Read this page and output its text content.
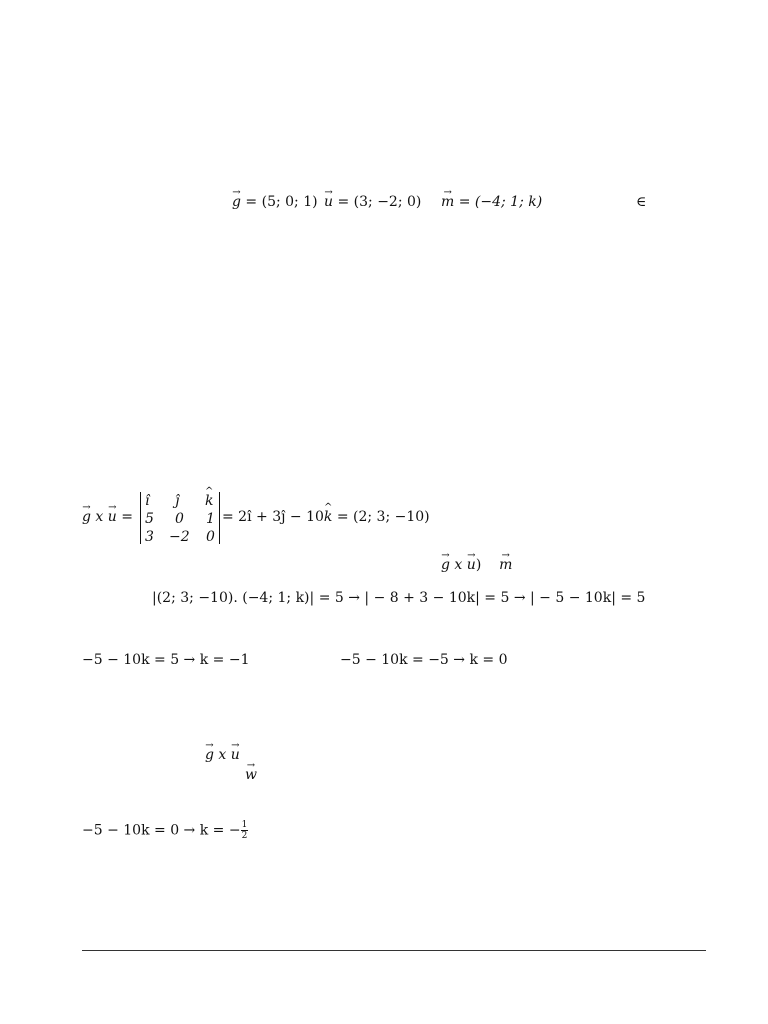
→ g = (5; 0; 1) → u = (3; −2; 0) → m = (−4; 1; k)	∈
→ g x → u =
ı̂ ȷ̂ ^ k
5 0 1
3 −2 0
= 2ı̂ + 3ȷ̂ − 10^ k = (2; 3; −10)
→ g x → u) → m
|(2; 3; −10). (−4; 1; k)| = 5 → | − 8 + 3 − 10k| = 5 → | − 5 − 10k| = 5
−5 − 10k = 5 → k = −1	−5 − 10k = −5 → k = 0
→ g x → u
→ w
−5 − 10k = 0 → k = − $\frac{1}{2}$
